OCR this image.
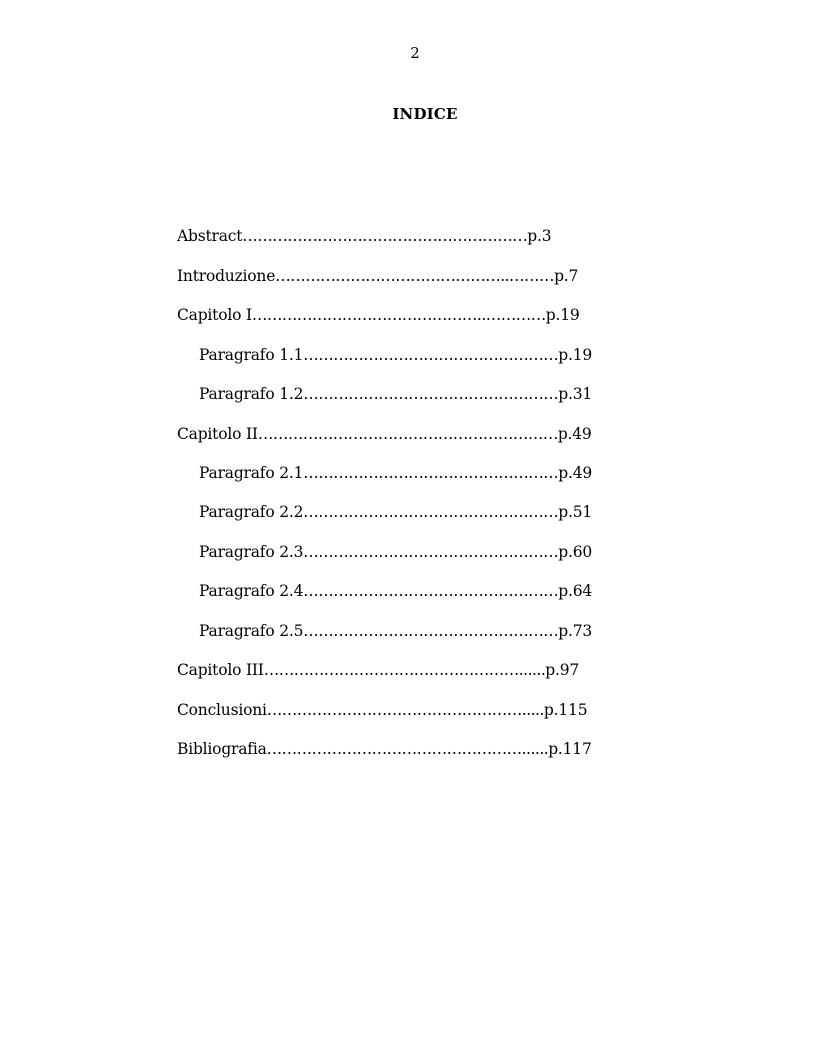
2
INDICE
Abstract…………………………………………………p.3
Introduzione………………………………………..………p.7
Capitolo I………………………………………..…………p.19
Paragrafo 1.1……………………………………………p.19
Paragrafo 1.2……………………………………………p.31
Capitolo II……………………………………………………p.49
Paragrafo 2.1……………………………………………p.49
Paragrafo 2.2……………………………………………p.51
Paragrafo 2.3……………………………………………p.60
Paragrafo 2.4……………………………………………p.64
Paragrafo 2.5……………………………………………p.73
Capitolo III……………………………………………......p.97
Conclusioni…………………………………………….....p.115
Bibliografia……………………………………………......p.117
